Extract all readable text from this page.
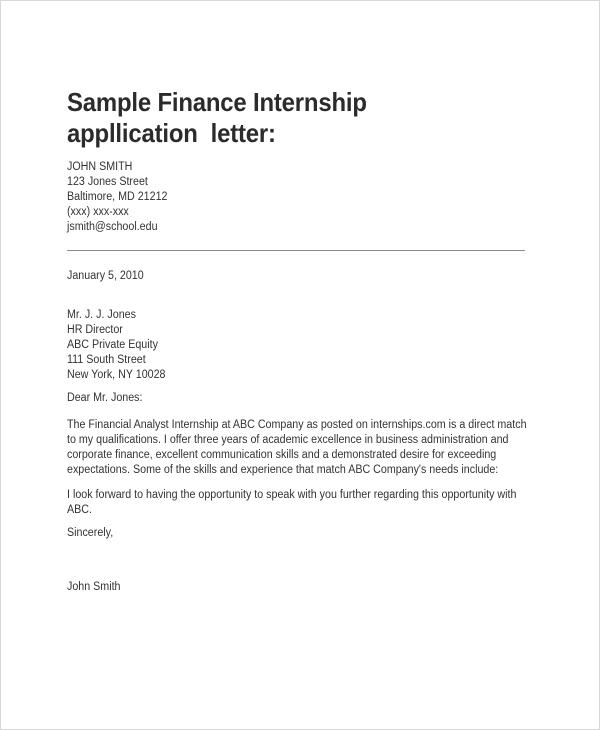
Sample Finance Internship
appllication  letter:
JOHN SMITH
123 Jones Street
Baltimore, MD 21212
(xxx) xxx-xxx
jsmith@school.edu
January 5, 2010
Mr. J. J. Jones
HR Director
ABC Private Equity
111 South Street
New York, NY 10028
Dear Mr. Jones:
The Financial Analyst Internship at ABC Company as posted on internships.com is a direct match
to my qualifications. I offer three years of academic excellence in business administration and
corporate finance, excellent communication skills and a demonstrated desire for exceeding
expectations. Some of the skills and experience that match ABC Company's needs include:
I look forward to having the opportunity to speak with you further regarding this opportunity with
ABC.
Sincerely,
John Smith
